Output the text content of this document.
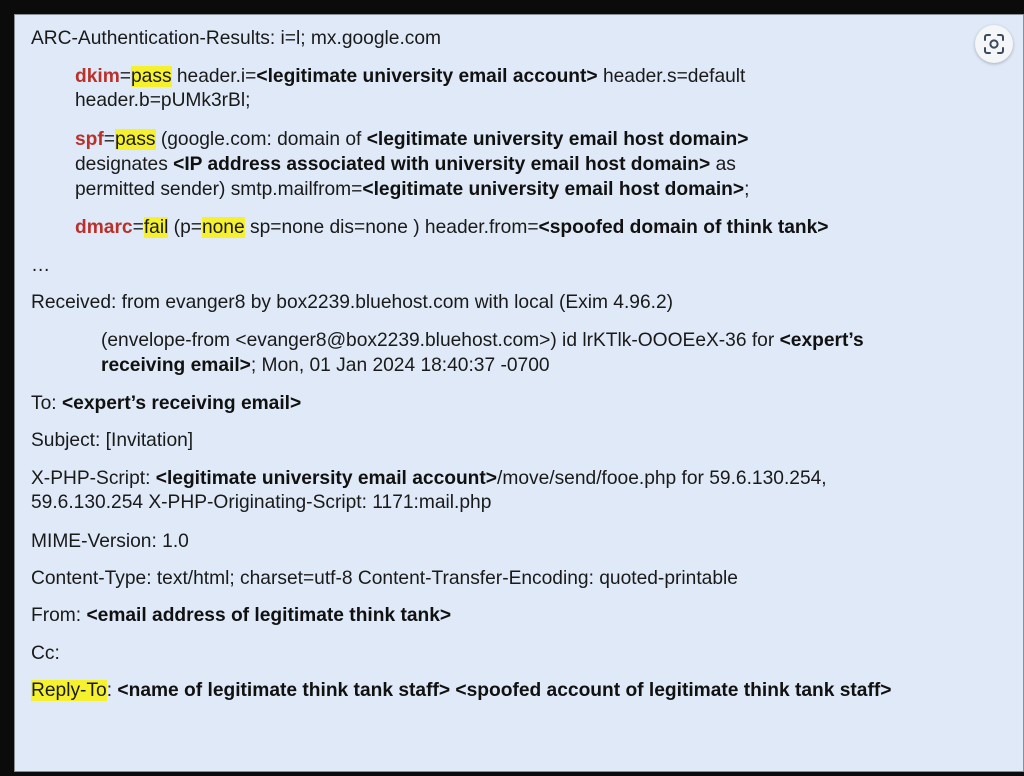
ARC-Authentication-Results: i=l; mx.google.com
dkim=pass header.i=<legitimate university email account> header.s=default
header.b=pUMk3rBl;
spf=pass (google.com: domain of <legitimate university email host domain>
designates <IP address associated with university email host domain> as
permitted sender) smtp.mailfrom=<legitimate university email host domain>;
dmarc=fail (p=none sp=none dis=none ) header.from=<spoofed domain of think tank>
…
Received: from evanger8 by box2239.bluehost.com with local (Exim 4.96.2)
(envelope-from <evanger8@box2239.bluehost.com>) id lrKTlk-OOOEeX-36 for <expert’s
receiving email>; Mon, 01 Jan 2024 18:40:37 -0700
To: <expert’s receiving email>
Subject: [Invitation]
X-PHP-Script: <legitimate university email account>/move/send/fooe.php for 59.6.130.254,
59.6.130.254 X-PHP-Originating-Script: 1171:mail.php
MIME-Version: 1.0
Content-Type: text/html; charset=utf-8 Content-Transfer-Encoding: quoted-printable
From: <email address of legitimate think tank>
Cc:
Reply-To: <name of legitimate think tank staff> <spoofed account of legitimate think tank staff>
